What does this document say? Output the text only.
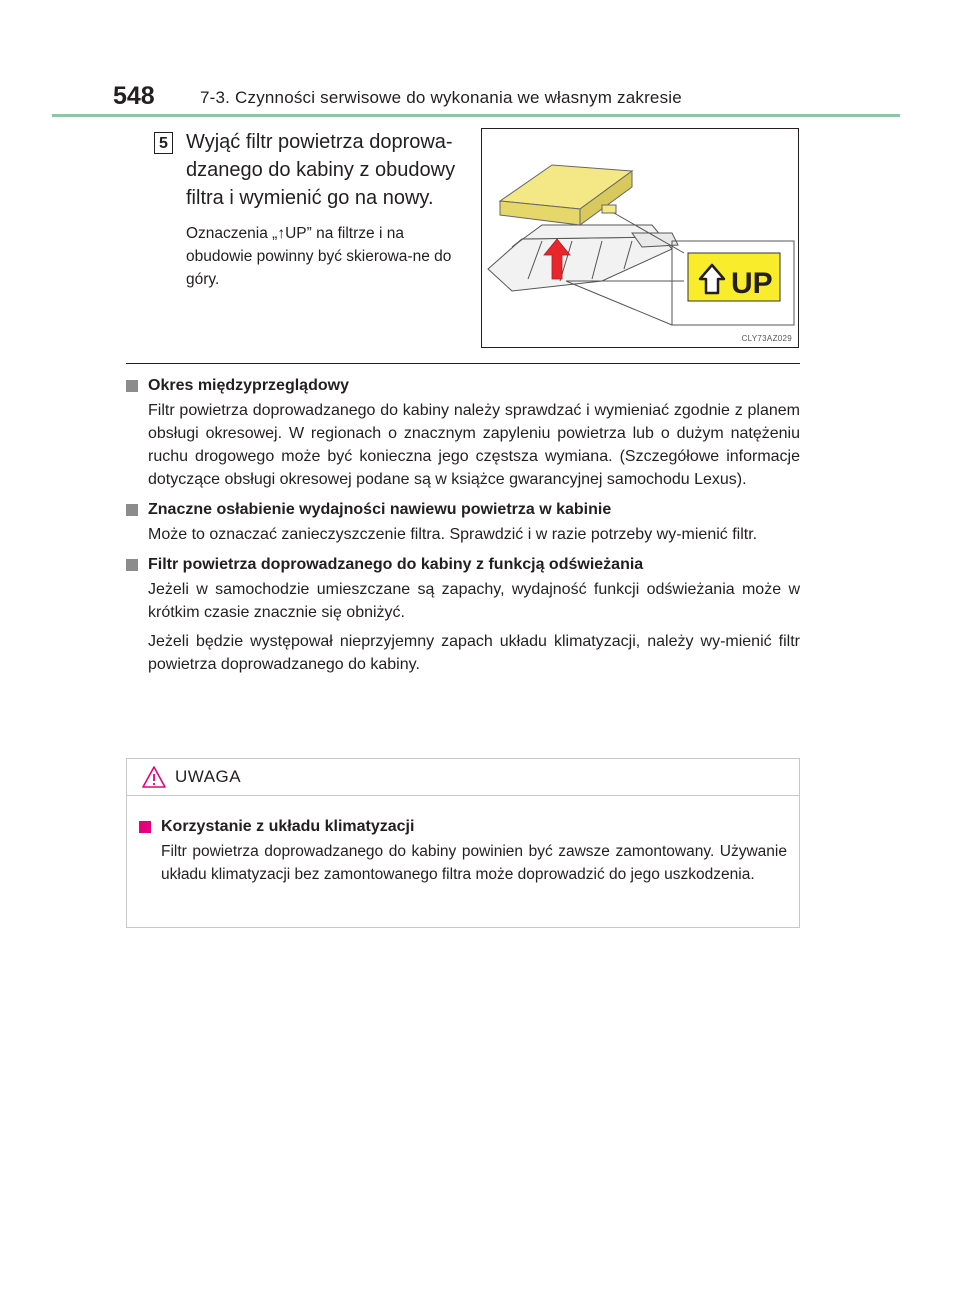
548	7-3. Czynności serwisowe do wykonania we własnym zakresie
5 Wyjąć filtr powietrza doprowa-dzanego do kabiny z obudowy filtra i wymienić go na nowy.
Oznaczenia „↑UP” na filtrze i na obudowie powinny być skierowa-ne do góry.	UP
CLY73AZ029
Okres międzyprzeglądowy

Filtr powietrza doprowadzanego do kabiny należy sprawdzać i wymieniać zgodnie z planem obsługi okresowej. W regionach o znacznym zapyleniu powietrza lub o dużym natężeniu ruchu drogowego może być konieczna jego częstsza wymiana. (Szczegółowe informacje dotyczące obsługi okresowej podane są w książce gwarancyjnej samochodu Lexus).

Znaczne osłabienie wydajności nawiewu powietrza w kabinie

Może to oznaczać zanieczyszczenie filtra. Sprawdzić i w razie potrzeby wy-mienić filtr.

Filtr powietrza doprowadzanego do kabiny z funkcją odświeżania

Jeżeli w samochodzie umieszczane są zapachy, wydajność funkcji odświeżania może w krótkim czasie znacznie się obniżyć.

Jeżeli będzie występował nieprzyjemny zapach układu klimatyzacji, należy wy-mienić filtr powietrza doprowadzanego do kabiny.

UWAGA
Korzystanie z układu klimatyzacji
Filtr powietrza doprowadzanego do kabiny powinien być zawsze zamontowany. Używanie układu klimatyzacji bez zamontowanego filtra może doprowadzić do jego uszkodzenia.
